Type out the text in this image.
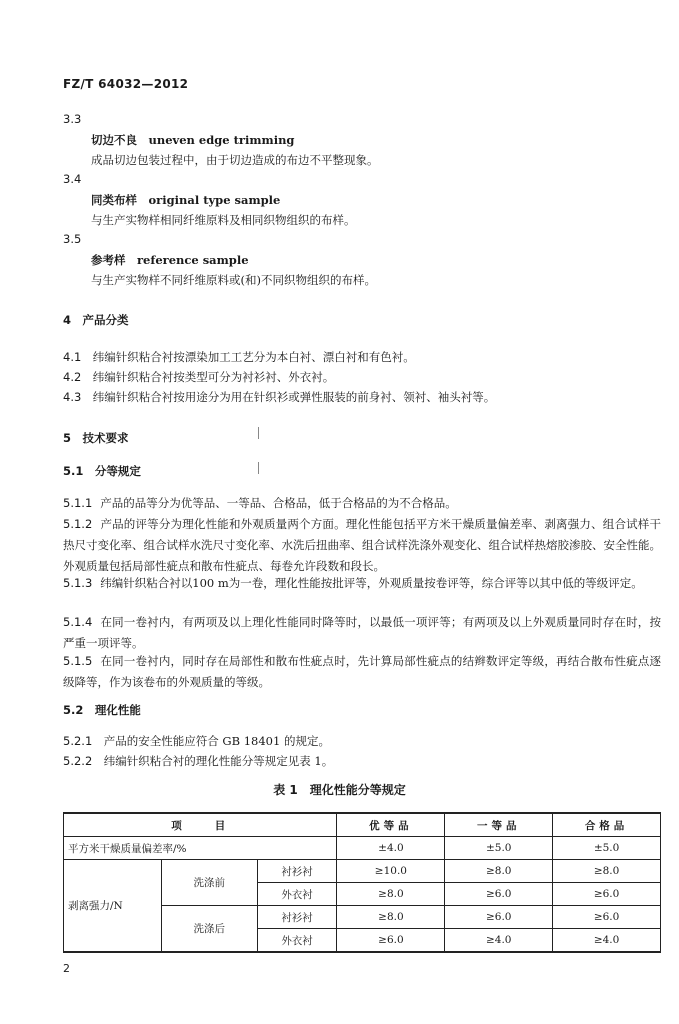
FZ/T 64032—2012
3.3
切边不良　 uneven edge trimming
成品切边包装过程中，由于切边造成的布边不平整现象。
3.4
同类布样　 original type sample
与生产实物样相同纤维原料及相同织物组织的布样。
3.5
参考样　 reference sample
与生产实物样不同纤维原料或(和)不同织物组织的布样。
4　产品分类
4.1  纬编针织粘合衬按漂染加工工艺分为本白衬、漂白衬和有色衬。
4.2  纬编针织粘合衬按类型可分为衬衫衬、外衣衬。
4.3  纬编针织粘合衬按用途分为用在针织衫或弹性服装的前身衬、领衬、袖头衬等。
5　技术要求
5.1　分等规定
5.1.1 产品的品等分为优等品、一等品、合格品，低于合格品的为不合格品。
5.1.2 产品的评等分为理化性能和外观质量两个方面。理化性能包括平方米干燥质量偏差率、剥离强力、组合试样干热尺寸变化率、组合试样水洗尺寸变化率、水洗后扭曲率、组合试样洗涤外观变化、组合试样热熔胶渗胶、安全性能。外观质量包括局部性疵点和散布性疵点、每卷允许段数和段长。
5.1.3 纬编针织粘合衬以100 m为一卷，理化性能按批评等，外观质量按卷评等，综合评等以其中低的等级评定。
5.1.4 在同一卷衬内，有两项及以上理化性能同时降等时，以最低一项评等；有两项及以上外观质量同时存在时，按严重一项评等。
5.1.5 在同一卷衬内，同时存在局部性和散布性疵点时，先计算局部性疵点的结辫数评定等级，再结合散布性疵点逐级降等，作为该卷布的外观质量的等级。
5.2　理化性能
5.2.1  产品的安全性能应符合 GB 18401 的规定。
5.2.2  纬编针织粘合衬的理化性能分等规定见表 1。
表 1　理化性能分等规定
项　　目			优等品	一等品	合格品
平方米干燥质量偏差率/%			±4.0	±5.0	±5.0
剥离强力/N	洗涤前	衬衫衬	≥10.0	≥8.0	≥8.0
		外衣衬	≥8.0	≥6.0	≥6.0
	洗涤后	衬衫衬	≥8.0	≥6.0	≥6.0
		外衣衬	≥6.0	≥4.0	≥4.0
2
